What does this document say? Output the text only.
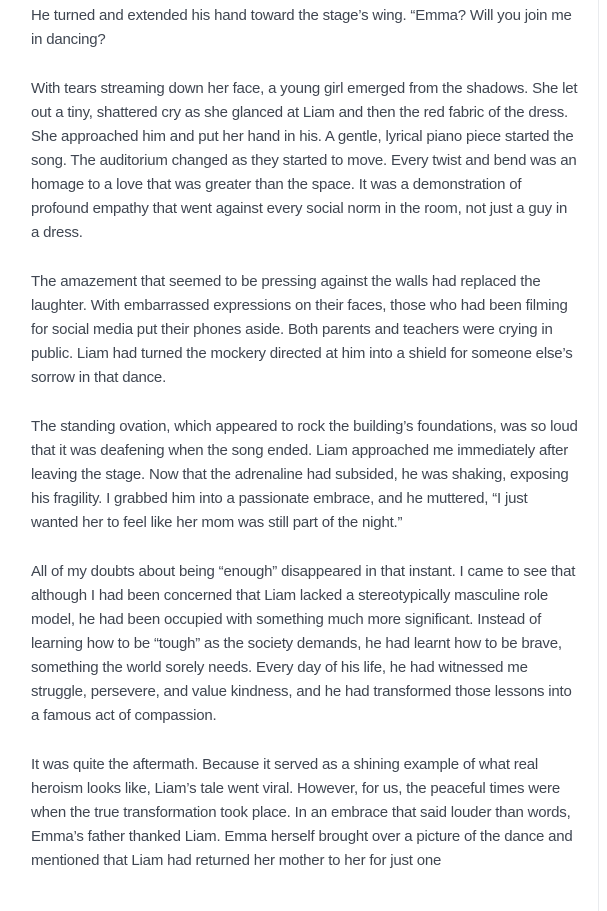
He turned and extended his hand toward the stage’s wing. “Emma? Will you join me in dancing?

With tears streaming down her face, a young girl emerged from the shadows. She let out a tiny, shattered cry as she glanced at Liam and then the red fabric of the dress. She approached him and put her hand in his. A gentle, lyrical piano piece started the song. The auditorium changed as they started to move. Every twist and bend was an homage to a love that was greater than the space. It was a demonstration of profound empathy that went against every social norm in the room, not just a guy in a dress.

The amazement that seemed to be pressing against the walls had replaced the laughter. With embarrassed expressions on their faces, those who had been filming for social media put their phones aside. Both parents and teachers were crying in public. Liam had turned the mockery directed at him into a shield for someone else’s sorrow in that dance.

The standing ovation, which appeared to rock the building’s foundations, was so loud that it was deafening when the song ended. Liam approached me immediately after leaving the stage. Now that the adrenaline had subsided, he was shaking, exposing his fragility. I grabbed him into a passionate embrace, and he muttered, “I just wanted her to feel like her mom was still part of the night.”

All of my doubts about being “enough” disappeared in that instant. I came to see that although I had been concerned that Liam lacked a stereotypically masculine role model, he had been occupied with something much more significant. Instead of learning how to be “tough” as the society demands, he had learnt how to be brave, something the world sorely needs. Every day of his life, he had witnessed me struggle, persevere, and value kindness, and he had transformed those lessons into a famous act of compassion.

It was quite the aftermath. Because it served as a shining example of what real heroism looks like, Liam’s tale went viral. However, for us, the peaceful times were when the true transformation took place. In an embrace that said louder than words, Emma’s father thanked Liam. Emma herself brought over a picture of the dance and mentioned that Liam had returned her mother to her for just one
